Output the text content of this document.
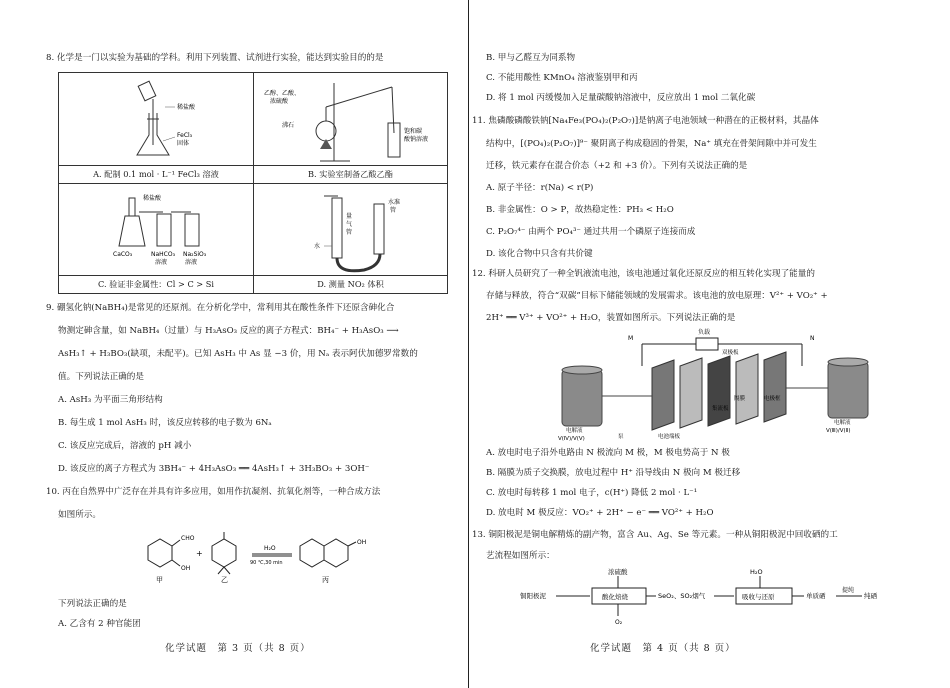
8. 化学是一门以实验为基础的学科。利用下列装置、试剂进行实验，能达到实验目的的是
稀盐酸
FeCl₃
固体
A. 配制 0.1 mol · L⁻¹ FeCl₃ 溶液
乙醇、乙酸、
浓硫酸
沸石
饱和碳
酸钠溶液
B. 实验室制备乙酸乙酯
稀盐酸
CaCO₃	NaHCO₃
溶液
Na₂SiO₃
溶液
C. 验证非金属性：Cl > C > Si
水
量
气
管
水准
管
D. 测量 NO₂ 体积
9. 硼氢化钠(NaBH₄)是常见的还原剂。在分析化学中，常利用其在酸性条件下还原含砷化合
物测定砷含量，如 NaBH₄（过量）与 H₃AsO₃ 反应的离子方程式：BH₄⁻ + H₃AsO₃ ⟶
AsH₃↑ + H₃BO₃(缺项，未配平)。已知 AsH₃ 中 As 显 −3 价，用 Nₐ 表示阿伏加德罗常数的
值。下列说法正确的是
A. AsH₃ 为平面三角形结构
B. 每生成 1 mol AsH₃ 时，该反应转移的电子数为 6Nₐ
C. 该反应完成后，溶液的 pH 减小
D. 该反应的离子方程式为 3BH₄⁻ + 4H₃AsO₃ ══ 4AsH₃↑ + 3H₃BO₃ + 3OH⁻
10. 丙在自然界中广泛存在并具有许多应用，如用作抗凝剂、抗氧化剂等，一种合成方法
如图所示。
CHO
OH
甲
+
乙
H₂O
90 ℃,30 min
OH
丙
下列说法正确的是
A. 乙含有 2 种官能团
化学试题　第 3 页（共 8 页）
B. 甲与乙醛互为同系物
C. 不能用酸性 KMnO₄ 溶液鉴别甲和丙
D. 将 1 mol 丙缓慢加入足量碳酸钠溶液中，反应放出 1 mol 二氧化碳
11. 焦磷酸磷酸铁钠[Na₄Fe₃(PO₄)₂(P₂O₇)]是钠离子电池领域一种潜在的正极材料，其晶体
结构中，[(PO₄)₂(P₂O₇)]⁹⁻ 聚阴离子构成稳固的骨架，Na⁺ 填充在骨架间隙中并可发生
迁移，铁元素存在混合价态（+2 和 +3 价）。下列有关说法正确的是
A. 原子半径：r(Na) < r(P)
B. 非金属性：O > P，故热稳定性：PH₃ < H₂O
C. P₂O₇⁴⁻ 由两个 PO₄³⁻ 通过共用一个磷原子连接而成
D. 该化合物中只含有共价键
12. 科研人员研究了一种全钒液流电池，该电池通过氧化还原反应的相互转化实现了能量的
存储与释放，符合“双碳”目标下储能领域的发展需求。该电池的放电原理：V²⁺ + VO₂⁺ +
2H⁺ ══ V³⁺ + VO²⁺ + H₂O，装置如图所示。下列说法正确的是
M
负载
N
双极板
电极框
隔膜
集流板
电池端板
泵
电解液
V(Ⅳ)/V(Ⅴ)
电解液
V(Ⅲ)/V(Ⅱ)
A. 放电时电子沿外电路由 N 极流向 M 极，M 极电势高于 N 极
B. 隔膜为质子交换膜，放电过程中 H⁺ 沿导线由 N 极向 M 极迁移
C. 放电时每转移 1 mol 电子，c(H⁺) 降低 2 mol · L⁻¹
D. 放电时 M 极反应：VO₂⁺ + 2H⁺ − e⁻ ══ VO²⁺ + H₂O
13. 铜阳极泥是铜电解精炼的副产物，富含 Au、Ag、Se 等元素。一种从铜阳极泥中回收硒的工
艺流程如图所示：
浓硫酸
铜阳极泥	酸化焙烧
O₂
SeO₂、SO₂烟气
H₂O
吸收与还原	单质硒
提纯
纯硒
化学试题　第 4 页（共 8 页）
